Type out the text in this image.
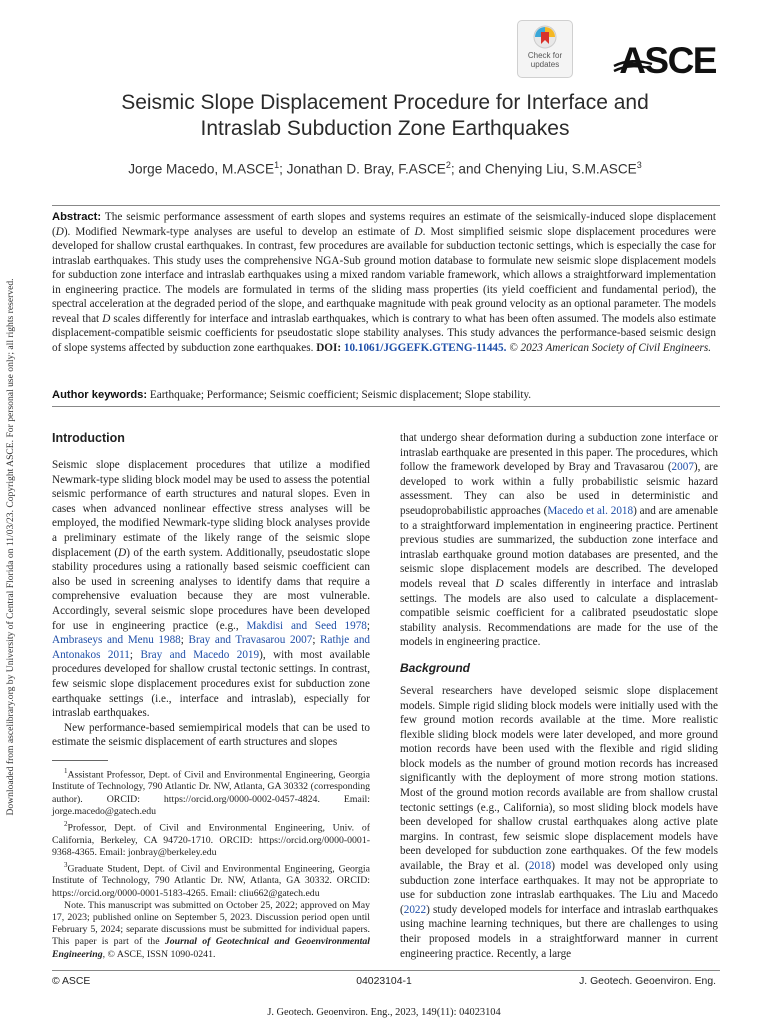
Downloaded from ascelibrary.org by University of Central Florida on 11/03/23. Copyright ASCE. For personal use only; all rights reserved.
Check for
updates ASCE
Seismic Slope Displacement Procedure for Interface and
Intraslab Subduction Zone Earthquakes
Jorge Macedo, M.ASCE$^1$; Jonathan D. Bray, F.ASCE$^2$; and Chenying Liu, S.M.ASCE$^3$
Abstract: The seismic performance assessment of earth slopes and systems requires an estimate of the seismically-induced slope displacement (D). Modified Newmark-type analyses are useful to develop an estimate of D. Most simplified seismic slope displacement procedures were developed for shallow crustal earthquakes. In contrast, few procedures are available for subduction tectonic settings, which is especially the case for intraslab earthquakes. This study uses the comprehensive NGA-Sub ground motion database to formulate new seismic slope displacement models for subduction zone interface and intraslab earthquakes using a mixed random variable framework, which allows a straightforward implementation in engineering practice. The models are formulated in terms of the sliding mass properties (its yield coefficient and fundamental period), the spectral acceleration at the degraded period of the slope, and earthquake magnitude with peak ground velocity as an optional parameter. The models reveal that D scales differently for interface and intraslab earthquakes, which is contrary to what has been often assumed. The models also estimate displacement-compatible seismic coefficients for pseudostatic slope stability analyses. This study advances the performance-based seismic design of slope systems affected by subduction zone earthquakes. DOI: 10.1061/JGGEFK.GTENG-11445. © 2023 American Society of Civil Engineers.
Author keywords: Earthquake; Performance; Seismic coefficient; Seismic displacement; Slope stability.
Introduction

Seismic slope displacement procedures that utilize a modified Newmark-type sliding block model may be used to assess the potential seismic performance of earth structures and natural slopes. Even in cases when advanced nonlinear effective stress analyses will be employed, the modified Newmark-type sliding block analyses provide a preliminary estimate of the likely range of the seismic slope displacement (D) of the earth system. Additionally, pseudostatic slope stability procedures using a rationally based seismic coefficient can also be used in screening analyses to identify dams that require a comprehensive evaluation because they are most vulnerable. Accordingly, several seismic slope procedures have been developed for use in engineering practice (e.g., Makdisi and Seed 1978; Ambraseys and Menu 1988; Bray and Travasarou 2007; Rathje and Antonakos 2011; Bray and Macedo 2019), with most available procedures developed for shallow crustal tectonic settings. In contrast, few seismic slope displacement procedures exist for subduction zone earthquake settings (i.e., interface and intraslab), especially for intraslab earthquakes.

New performance-based semiempirical models that can be used to estimate the seismic displacement of earth structures and slopes

$^1$Assistant Professor, Dept. of Civil and Environmental Engineering, Georgia Institute of Technology, 790 Atlantic Dr. NW, Atlanta, GA 30332 (corresponding author). ORCID: https://orcid.org/0000-0002-0457-4824. Email: jorge.macedo@gatech.edu

$^2$Professor, Dept. of Civil and Environmental Engineering, Univ. of California, Berkeley, CA 94720-1710. ORCID: https://orcid.org/0000-0001-9368-4365. Email: jonbray@berkeley.edu

$^3$Graduate Student, Dept. of Civil and Environmental Engineering, Georgia Institute of Technology, 790 Atlantic Dr. NW, Atlanta, GA 30332. ORCID: https://orcid.org/0000-0001-5183-4265. Email: cliu662@gatech.edu

Note. This manuscript was submitted on October 25, 2022; approved on May 17, 2023; published online on September 5, 2023. Discussion period open until February 5, 2024; separate discussions must be submitted for individual papers. This paper is part of the Journal of Geotechnical and Geoenvironmental Engineering, © ASCE, ISSN 1090-0241.

that undergo shear deformation during a subduction zone interface or intraslab earthquake are presented in this paper. The procedures, which follow the framework developed by Bray and Travasarou (2007), are developed to work within a fully probabilistic seismic hazard assessment. They can also be used in deterministic and pseudoprobabilistic approaches (Macedo et al. 2018) and are amenable to a straightforward implementation in engineering practice. Pertinent previous studies are summarized, the subduction zone interface and intraslab earthquake ground motion databases are presented, and the seismic slope displacement models are described. The developed models reveal that D scales differently in interface and intraslab settings. The models are also used to calculate a displacement-compatible seismic coefficient for a calibrated pseudostatic slope stability analysis. Recommendations are made for the use of the models in engineering practice.

Background

Several researchers have developed seismic slope displacement models. Simple rigid sliding block models were initially used with the few ground motion records available at the time. More realistic flexible sliding block models were later developed, and more ground motion records have been used with the flexible and rigid sliding block models as the number of ground motion records has increased significantly with the deployment of more strong motion stations. Most of the ground motion records available are from shallow crustal tectonic settings (e.g., California), so most sliding block models have been developed for shallow crustal earthquakes along active plate margins. In contrast, few seismic slope displacement models have been developed for subduction zone earthquakes. Of the few models available, the Bray et al. (2018) model was developed only using subduction zone interface earthquakes. It may not be appropriate to use for subduction zone intraslab earthquakes. The Liu and Macedo (2022) study developed models for interface and intraslab earthquakes using machine learning techniques, but there are challenges to using their proposed models in a straightforward manner in current engineering practice. Recently, a large

© ASCE	04023104-1	J. Geotech. Geoenviron. Eng.
J. Geotech. Geoenviron. Eng., 2023, 149(11): 04023104
